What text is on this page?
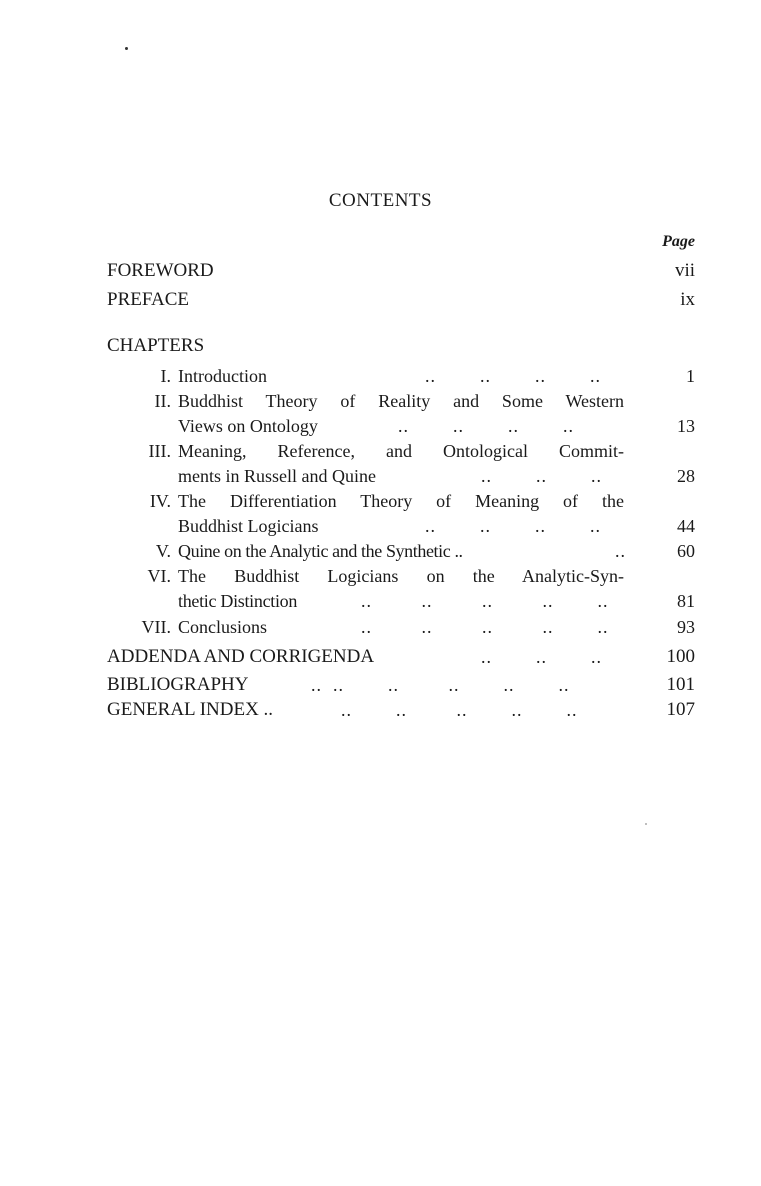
CONTENTS
Page
FOREWORD	vii
PREFACE	ix
CHAPTERS
I. Introduction	..        ..        ..        ..	1
II. Buddhist Theory of Reality and Some Western
Views on Ontology	..        ..        ..        ..	13
III. Meaning, Reference, and Ontological Commit-
ments in Russell and Quine	..        ..        ..	28
IV. The Differentiation Theory of Meaning of the
Buddhist Logicians	..        ..        ..        ..	44
V. Quine on the Analytic and the Synthetic ..	..	60
VI. The Buddhist Logicians on the Analytic-Syn-
thetic Distinction	..         ..         ..         ..        ..	81
VII. Conclusions	..         ..         ..         ..        ..	93
ADDENDA AND CORRIGENDA	..        ..        ..	100
BIBLIOGRAPHY	..  ..        ..         ..        ..        ..	101
GENERAL INDEX ..	..        ..         ..        ..        ..	107
